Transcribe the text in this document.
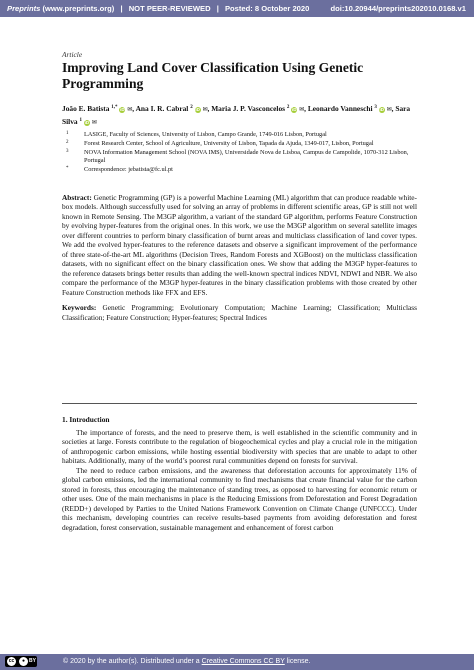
Preprints (www.preprints.org) | NOT PEER-REVIEWED | Posted: 8 October 2020	doi:10.20944/preprints202010.0168.v1
Article
Improving Land Cover Classification Using Genetic Programming
João E. Batista $^{1,*}$ iD ✉, Ana I. R. Cabral $^2$ iD ✉, Maria J. P. Vasconcelos $^2$ iD ✉, Leonardo Vanneschi $^3$ iD ✉, Sara Silva $^1$ iD ✉
1 LASIGE, Faculty of Sciences, University of Lisbon, Campo Grande, 1749-016 Lisbon, Portugal
2 Forest Research Center, School of Agriculture, University of Lisbon, Tapada da Ajuda, 1349-017, Lisbon, Portugal
3 NOVA Information Management School (NOVA IMS), Universidade Nova de Lisboa, Campus de Campolide, 1070-312 Lisbon, Portugal
* Correspondence: jebatista@fc.ul.pt
Abstract: Genetic Programming (GP) is a powerful Machine Learning (ML) algorithm that can produce readable white-box models. Although successfully used for solving an array of problems in different scientific areas, GP is still not well known in Remote Sensing. The M3GP algorithm, a variant of the standard GP algorithm, performs Feature Construction by evolving hyper-features from the original ones. In this work, we use the M3GP algorithm on several satellite images over different countries to perform binary classification of burnt areas and multiclass classification of land cover types. We add the evolved hyper-features to the reference datasets and observe a significant improvement of the performance of three state-of-the-art ML algorithms (Decision Trees, Random Forests and XGBoost) on the multiclass classification datasets, with no significant effect on the binary classification ones. We show that adding the M3GP hyper-features to the reference datasets brings better results than adding the well-known spectral indices NDVI, NDWI and NBR. We also compare the performance of the M3GP hyper-features in the binary classification problems with those created by other Feature Construction methods like FFX and EFS.
Keywords: Genetic Programming; Evolutionary Computation; Machine Learning; Classification; Multiclass Classification; Feature Construction; Hyper-features; Spectral Indices
1. Introduction

The importance of forests, and the need to preserve them, is well established in the scientific community and in societies at large. Forests contribute to the regulation of biogeochemical cycles and play a crucial role in the mitigation of anthropogenic carbon emissions, while hosting essential biodiversity with species that are unable to adapt to other habitats. Additionally, many of the world’s poorest rural communities depend on forests for survival.

The need to reduce carbon emissions, and the awareness that deforestation accounts for approximately 11% of global carbon emissions, led the international community to find mechanisms that create financial value for the carbon stored in forests, thus encouraging the maintenance of standing trees, as opposed to harvesting for economic return or other uses. One of the main mechanisms in place is the Reducing Emissions from Deforestation and Forest Degradation (REDD+) developed by Parties to the United Nations Framework Convention on Climate Change (UNFCCC). Under this mechanism, developing countries can receive results-based payments from avoiding deforestation and forest degradation, forest conservation, sustainable management and enhancement of forest carbon

cc	● BY	© 2020 by the author(s). Distributed under a Creative Commons CC BY license.
